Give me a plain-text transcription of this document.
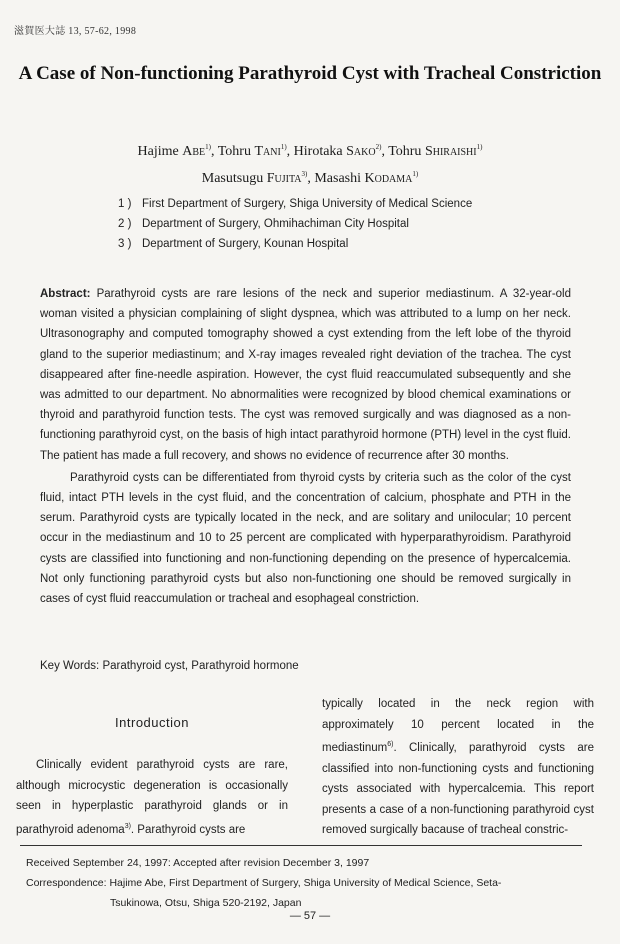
滋賀医大誌 13, 57-62, 1998
A Case of Non-functioning Parathyroid Cyst with Tracheal Constriction
Hajime Abe$^{1)}$, Tohru Tani$^{1)}$, Hirotaka Sako$^{2)}$, Tohru Shiraishi$^{1)}$
Masutsugu Fujita$^{3)}$, Masashi Kodama$^{1)}$
1 ) First Department of Surgery, Shiga University of Medical Science
2 ) Department of Surgery, Ohmihachiman City Hospital
3 ) Department of Surgery, Kounan Hospital

Abstract: Parathyroid cysts are rare lesions of the neck and superior mediastinum. A 32-year-old woman visited a physician complaining of slight dyspnea, which was attributed to a lump on her neck. Ultrasonography and computed tomography showed a cyst extending from the left lobe of the thyroid gland to the superior mediastinum; and X-ray images revealed right deviation of the trachea. The cyst disappeared after fine-needle aspiration. However, the cyst fluid reaccumulated subsequently and she was admitted to our department. No abnormalities were recognized by blood chemical examinations or thyroid and parathyroid function tests. The cyst was removed surgically and was diagnosed as a non-functioning parathyroid cyst, on the basis of high intact parathyroid hormone (PTH) level in the cyst fluid. The patient has made a full recovery, and shows no evidence of recurrence after 30 months.

Parathyroid cysts can be differentiated from thyroid cysts by criteria such as the color of the cyst fluid, intact PTH levels in the cyst fluid, and the concentration of calcium, phosphate and PTH in the serum. Parathyroid cysts are typically located in the neck, and are solitary and unilocular; 10 percent occur in the mediastinum and 10 to 25 percent are complicated with hyperparathyroidism. Parathyroid cysts are classified into functioning and non-functioning depending on the presence of hypercalcemia. Not only functioning parathyroid cysts but also non-functioning one should be removed surgically in cases of cyst fluid reaccumulation or tracheal and esophageal constriction.

Key Words: Parathyroid cyst, Parathyroid hormone
Introduction

Clinically evident parathyroid cysts are rare, although microcystic degeneration is occasionally seen in hyperplastic parathyroid glands or in parathyroid adenoma$^{3)}$. Parathyroid cysts are

typically located in the neck region with approximately 10 percent located in the mediastinum$^{6)}$. Clinically, parathyroid cysts are classified into non-functioning cysts and functioning cysts associated with hypercalcemia. This report presents a case of a non-functioning parathyroid cyst removed surgically bacause of tracheal constric-

Received September 24, 1997: Accepted after revision December 3, 1997
Correspondence: Hajime Abe, First Department of Surgery, Shiga University of Medical Science, Seta-
Tsukinowa, Otsu, Shiga 520-2192, Japan
— 57 —
